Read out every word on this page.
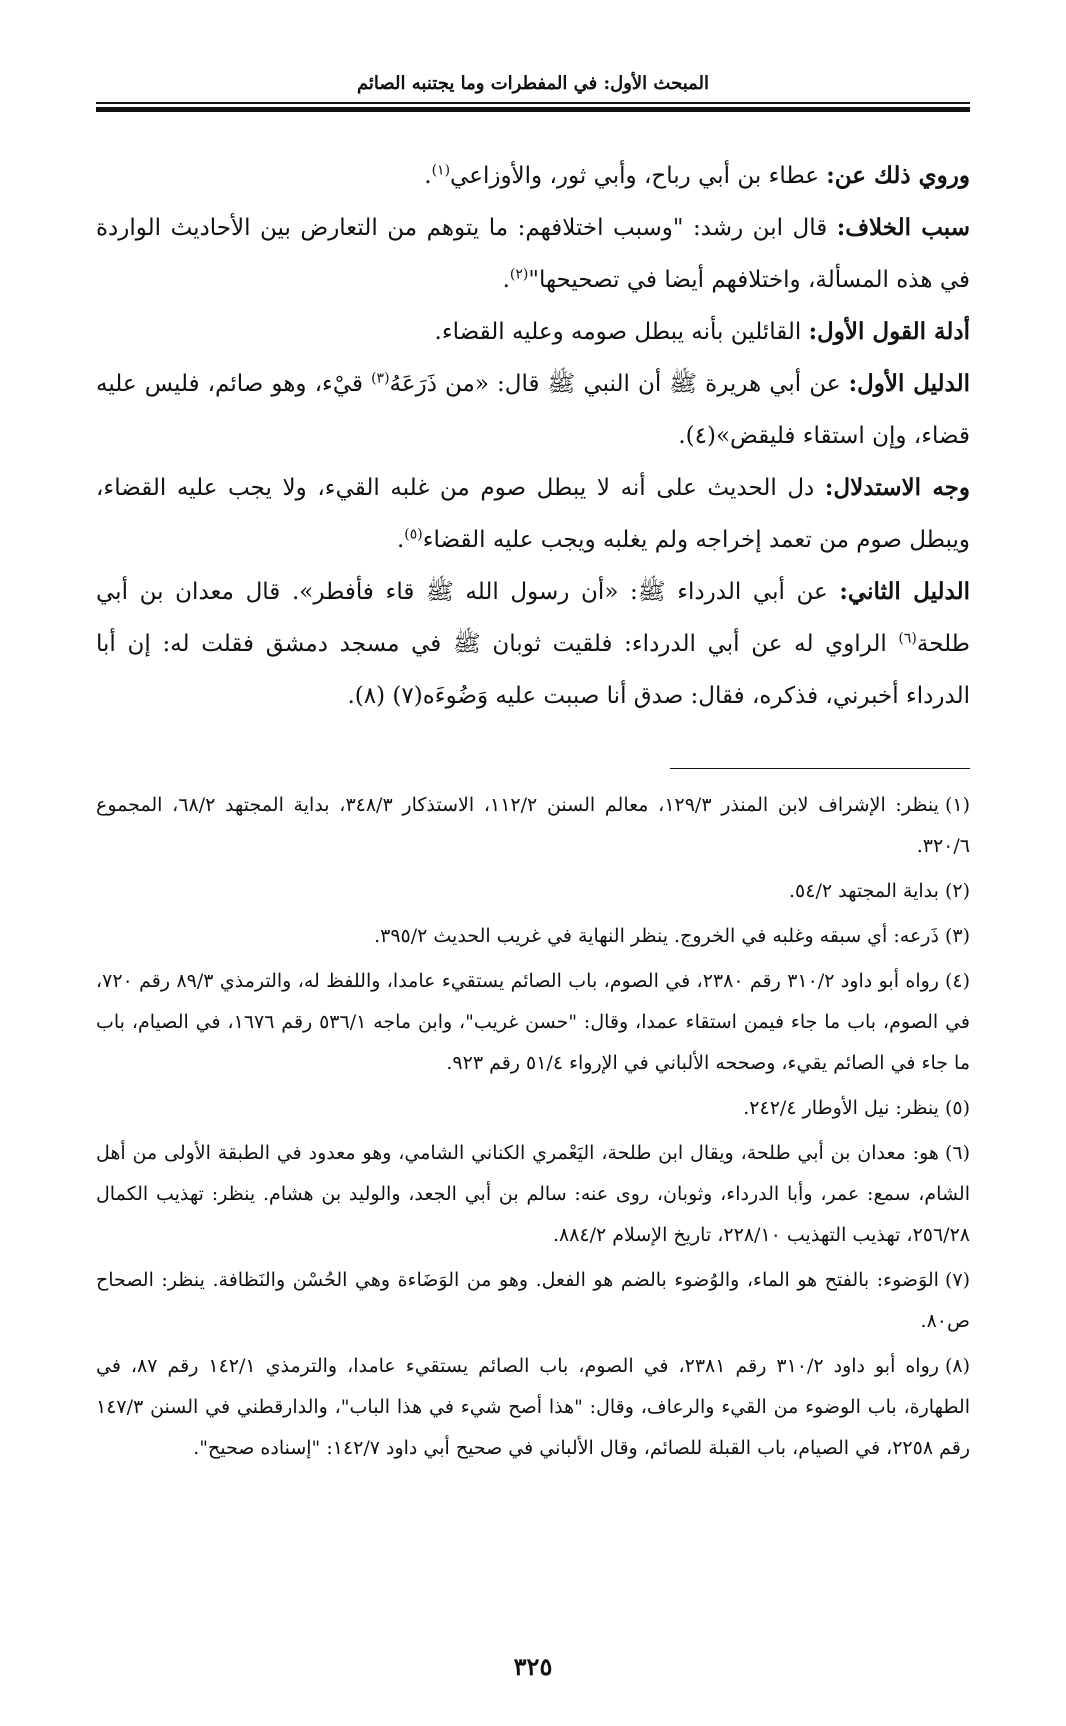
المبحث الأول: في المفطرات وما يجتنبه الصائم

وروي ذلك عن: عطاء بن أبي رباح، وأبي ثور، والأوزاعي$^{(١)}$.

سبب الخلاف: قال ابن رشد: "وسبب اختلافهم: ما يتوهم من التعارض بين الأحاديث الواردة في هذه المسألة، واختلافهم أيضا في تصحيحها"$^{(٢)}$.

أدلة القول الأول: القائلين بأنه يبطل صومه وعليه القضاء.

الدليل الأول: عن أبي هريرة ﷺ أن النبي ﷺ قال: «من ذَرَعَهُ$^{(٣)}$ قيْء، وهو صائم، فليس عليه قضاء، وإن استقاء فليقض»(٤).

وجه الاستدلال: دل الحديث على أنه لا يبطل صوم من غلبه القيء، ولا يجب عليه القضاء، ويبطل صوم من تعمد إخراجه ولم يغلبه ويجب عليه القضاء$^{(٥)}$.

الدليل الثاني: عن أبي الدرداء ﷺ: «أن رسول الله ﷺ قاء فأفطر». قال معدان بن أبي طلحة$^{(٦)}$ الراوي له عن أبي الدرداء: فلقيت ثوبان ﷺ في مسجد دمشق فقلت له: إن أبا الدرداء أخبرني، فذكره، فقال: صدق أنا صببت عليه وَضُوءَه(٧) (٨).

(١)ينظر: الإشراف لابن المنذر ١٢٩/٣، معالم السنن ١١٢/٢، الاستذكار ٣٤٨/٣، بداية المجتهد ٦٨/٢، المجموع ٣٢٠/٦.

(٢)بداية المجتهد ٥٤/٢.

(٣)ذَرعه: أي سبقه وغلبه في الخروج. ينظر النهاية في غريب الحديث ٣٩٥/٢.

(٤)رواه أبو داود ٣١٠/٢ رقم ٢٣٨٠، في الصوم، باب الصائم يستقيء عامدا، واللفظ له، والترمذي ٨٩/٣ رقم ٧٢٠، في الصوم، باب ما جاء فيمن استقاء عمدا، وقال: "حسن غريب"، وابن ماجه ٥٣٦/١ رقم ١٦٧٦، في الصيام، باب ما جاء في الصائم يقيء، وصححه الألباني في الإرواء ٥١/٤ رقم ٩٢٣.

(٥)ينظر: نيل الأوطار ٢٤٢/٤.

(٦)هو: معدان بن أبي طلحة، ويقال ابن طلحة، اليَعْمري الكناني الشامي، وهو معدود في الطبقة الأولى من أهل الشام، سمع: عمر، وأبا الدرداء، وثوبان، روى عنه: سالم بن أبي الجعد، والوليد بن هشام. ينظر: تهذيب الكمال ٢٥٦/٢٨، تهذيب التهذيب ٢٢٨/١٠، تاريخ الإسلام ٨٨٤/٢.

(٧)الوَضوء: بالفتح هو الماء، والوُضوء بالضم هو الفعل. وهو من الوَضَاءة وهي الحُسْن والنَظافة. ينظر: الصحاح ص٨٠.

(٨)رواه أبو داود ٣١٠/٢ رقم ٢٣٨١، في الصوم، باب الصائم يستقيء عامدا، والترمذي ١٤٢/١ رقم ٨٧، في الطهارة، باب الوضوء من القيء والرعاف، وقال: "هذا أصح شيء في هذا الباب"، والدارقطني في السنن ١٤٧/٣ رقم ٢٢٥٨، في الصيام، باب القبلة للصائم، وقال الألباني في صحيح أبي داود ١٤٢/٧: "إسناده صحيح".

٣٢٥
